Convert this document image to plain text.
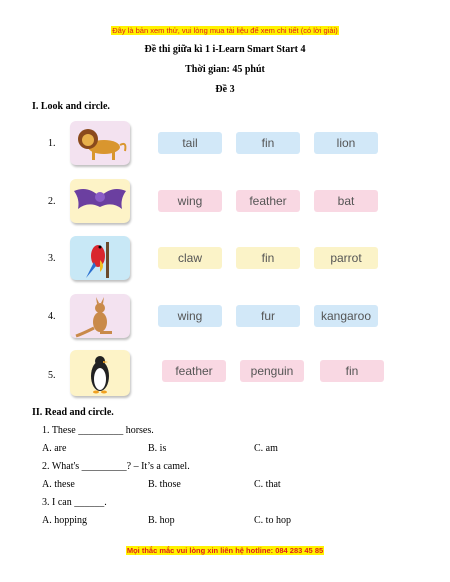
Đây là bản xem thử, vui lòng mua tài liệu để xem chi tiết (có lời giải)
Đề thi giữa kì 1 i-Learn Smart Start 4
Thời gian: 45 phút
Đề 3
I. Look and circle.
1.	tail	fin	lion
2.	wing	feather	bat
3.	claw	fin	parrot
4.	wing	fur	kangaroo
5.	feather	penguin	fin
II. Read and circle.
1. These _________ horses.
A. are	B. is	C. am
2. What's _________? – It’s a camel.
A. these	B. those	C. that
3. I can ______.
A. hopping	B. hop	C. to hop
Mọi thắc mắc vui lòng xin liên hệ hotline: 084 283 45 85
